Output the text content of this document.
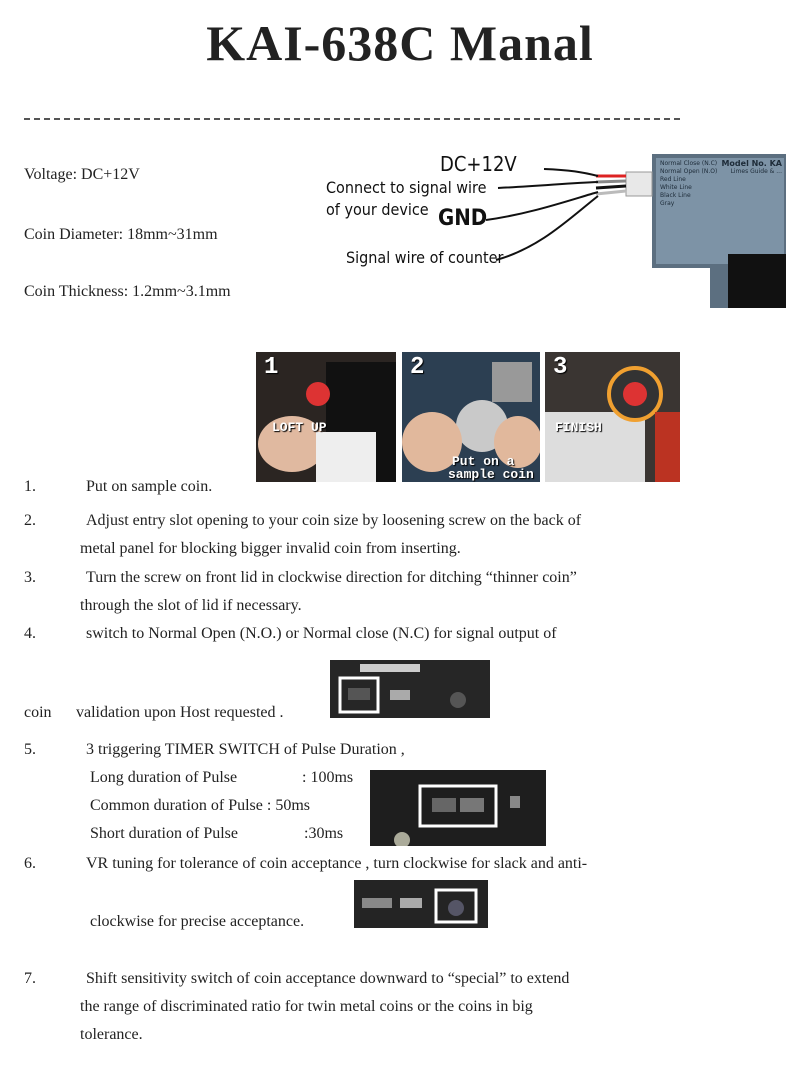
KAI-638C Manal
Voltage: DC+12V
Coin Diameter: 18mm~31mm
Coin Thickness: 1.2mm~3.1mm
DC+12V
Connect to signal wire
of your device GND
Signal wire of counter
Normal Close (N.C) Model No. KA
Normal Open (N.O) Limes Guide & ...
Red Line
White Line
Black Line
Gray
1
LOFT UP
2
Put on a
sample coin
3
FINISH
1.	Put on sample coin.
2.	Adjust entry slot opening to your coin size by loosening screw on the back of
metal panel for blocking bigger invalid coin from inserting.
3.	Turn the screw on front lid in clockwise direction for ditching “thinner coin”
through the slot of lid if necessary.
4.	switch to Normal Open (N.O.) or Normal close (N.C) for signal output of
coin validation upon Host requested .
5.	3 triggering TIMER SWITCH of Pulse Duration ,
Long duration of Pulse	: 100ms
Common duration of Pulse : 50ms
Short duration of Pulse	:30ms
6.	VR tuning for tolerance of coin acceptance , turn clockwise for slack and anti-
clockwise for precise acceptance.
7.	Shift sensitivity switch of coin acceptance downward to “special” to extend
the range of discriminated ratio for twin metal coins or the coins in big
tolerance.
